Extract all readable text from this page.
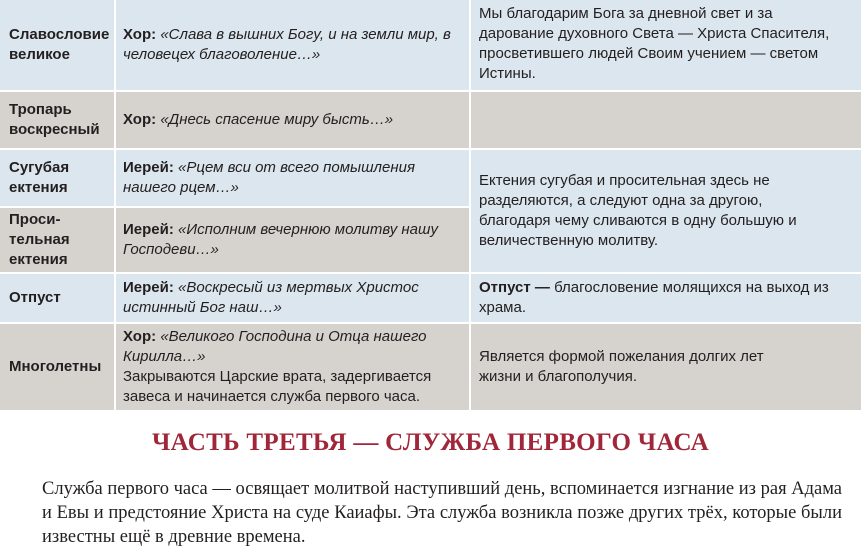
Славословие великое
Хор: «Слава в вышних Богу, и на земли мир, в человецех благоволение…»
Мы благодарим Бога за дневной свет и за дарование духовного Света — Христа Спасителя, просветившего людей Своим учением — светом Истины.
Тропарь воскресный
Хор: «Днесь спасение миру бысть…»
Сугубая ектения
Иерей: «Рцем вси от всего помышления нашего рцем…»	Ектения сугубая и просительная здесь не разделяются, а следуют одна за другою, благодаря чему сливаются в одну большую и величественную молитву.
Проси-тельная ектения
Иерей: «Исполним вечернюю молитву нашу Господеви…»
Отпуст
Иерей: «Воскресый из мертвых Христос истинный Бог наш…»
Отпуст — благословение молящихся на выход из храма.
Многолетны
Хор: «Великого Господина и Отца нашего Кирилла…»
Закрываются Царские врата, задергивается завеса и начинается служба первого часа.
Является формой пожелания долгих лет жизни и благополучия.
ЧАСТЬ ТРЕТЬЯ — СЛУЖБА ПЕРВОГО ЧАСА
Служба первого часа — освящает молитвой наступивший день, вспоминается изгнание из рая Адама и Евы и предстояние Христа на суде Каиафы. Эта служба возникла позже других трёх, которые были известны ещё в древние времена.
